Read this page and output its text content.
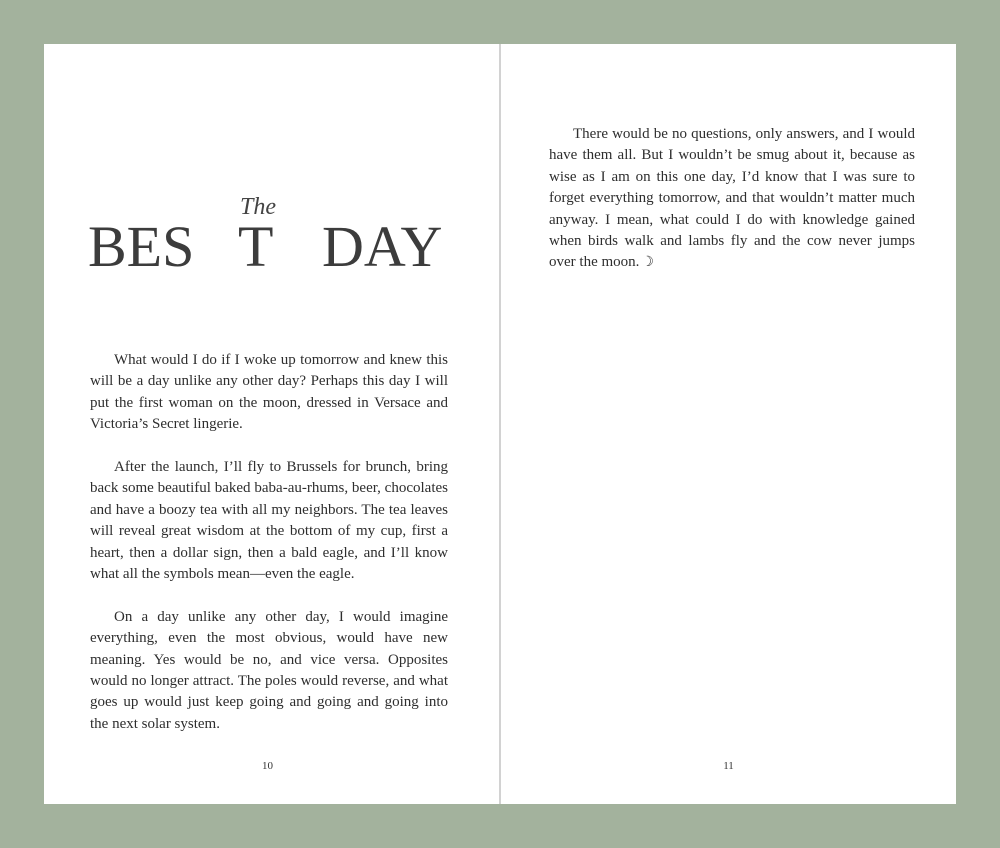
The
BES T DAY

What would I do if I woke up tomorrow and knew this will be a day unlike any other day? Perhaps this day I will put the first woman on the moon, dressed in Versace and Victoria’s Secret lingerie.

After the launch, I’ll fly to Brussels for brunch, bring back some beautiful baked baba-au-rhums, beer, chocolates and have a boozy tea with all my neighbors. The tea leaves will reveal great wisdom at the bottom of my cup, first a heart, then a dollar sign, then a bald eagle, and I’ll know what all the symbols mean—even the eagle.

On a day unlike any other day, I would imagine everything, even the most obvious, would have new meaning. Yes would be no, and vice versa. Opposites would no longer attract. The poles would reverse, and what goes up would just keep going and going and going into the next solar system.

10

There would be no questions, only answers, and I would have them all. But I wouldn’t be smug about it, because as wise as I am on this one day, I’d know that I was sure to forget everything tomorrow, and that wouldn’t matter much anyway. I mean, what could I do with knowledge gained when birds walk and lambs fly and the cow never jumps over the moon. ☽

11
